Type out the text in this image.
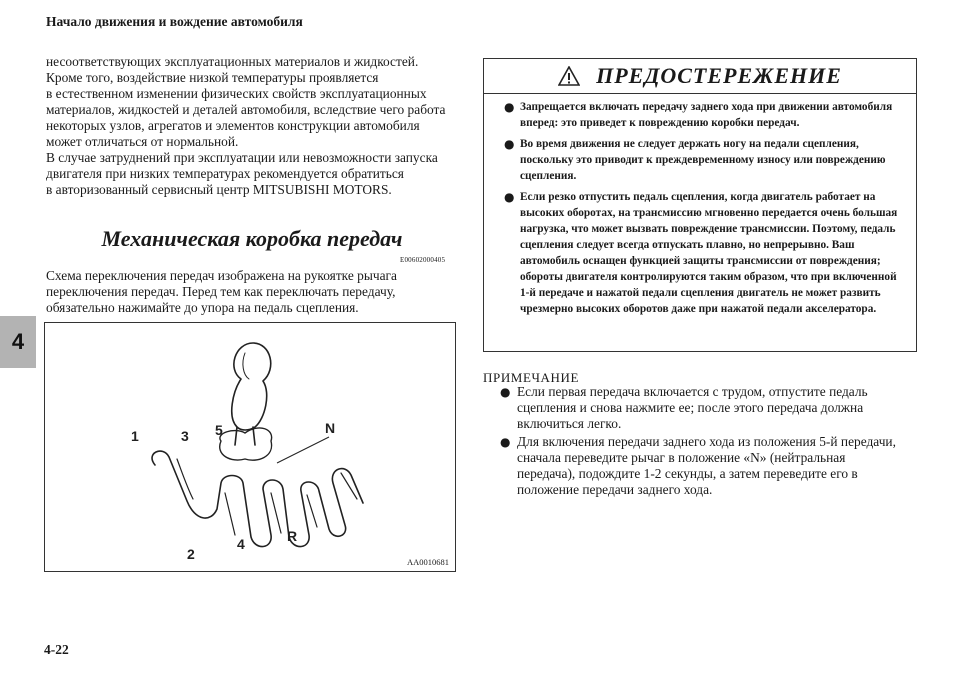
Начало движения и вождение автомобиля
4

несоответствующих эксплуатационных материалов и жидкостей.

Кроме того, воздействие низкой температуры проявляется

в естественном изменении физических свойств эксплуатационных

материалов, жидкостей и деталей автомобиля, вследствие чего работа

некоторых узлов, агрегатов и элементов конструкции автомобиля

может отличаться от нормальной.

В случае затруднений при эксплуатации или невозможности запуска

двигателя при низких температурах рекомендуется обратиться

в авторизованный сервисный центр MITSUBISHI MOTORS.

Механическая коробка передач
E00602000405

Схема переключения передач изображена на рукоятке рычага

переключения передач. Перед тем как переключать передачу,

обязательно нажимайте до упора на педаль сцепления.

1	3 5	N
2
4	R
AA0010681
ПРЕДОСТЕРЕЖЕНИЕ
● Запрещается включать передачу заднего хода при движении автомобиля вперед: это приведет к повреждению коробки передач.
● Во время движения не следует держать ногу на педали сцепления, поскольку это приводит к преждевременному износу или повреждению сцепления.
● Если резко отпустить педаль сцепления, когда двигатель работает на высоких оборотах, на трансмиссию мгновенно передается очень большая нагрузка, что может вызвать повреждение трансмиссии. Поэтому, педаль сцепления следует всегда отпускать плавно, но непрерывно. Ваш автомобиль оснащен функцией защиты трансмиссии от повреждения; обороты двигателя контролируются таким образом, что при включенной 1-й передаче и нажатой педали сцепления двигатель не может развить чрезмерно высоких оборотов даже при нажатой педали акселератора.
ПРИМЕЧАНИЕ
● Если первая передача включается с трудом, отпустите педаль сцепления и снова нажмите ее; после этого передача должна включиться легко.
● Для включения передачи заднего хода из положения 5-й передачи, сначала переведите рычаг в положение «N» (нейтральная передача), подождите 1-2 секунды, а затем переведите его в положение передачи заднего хода.
4-22
